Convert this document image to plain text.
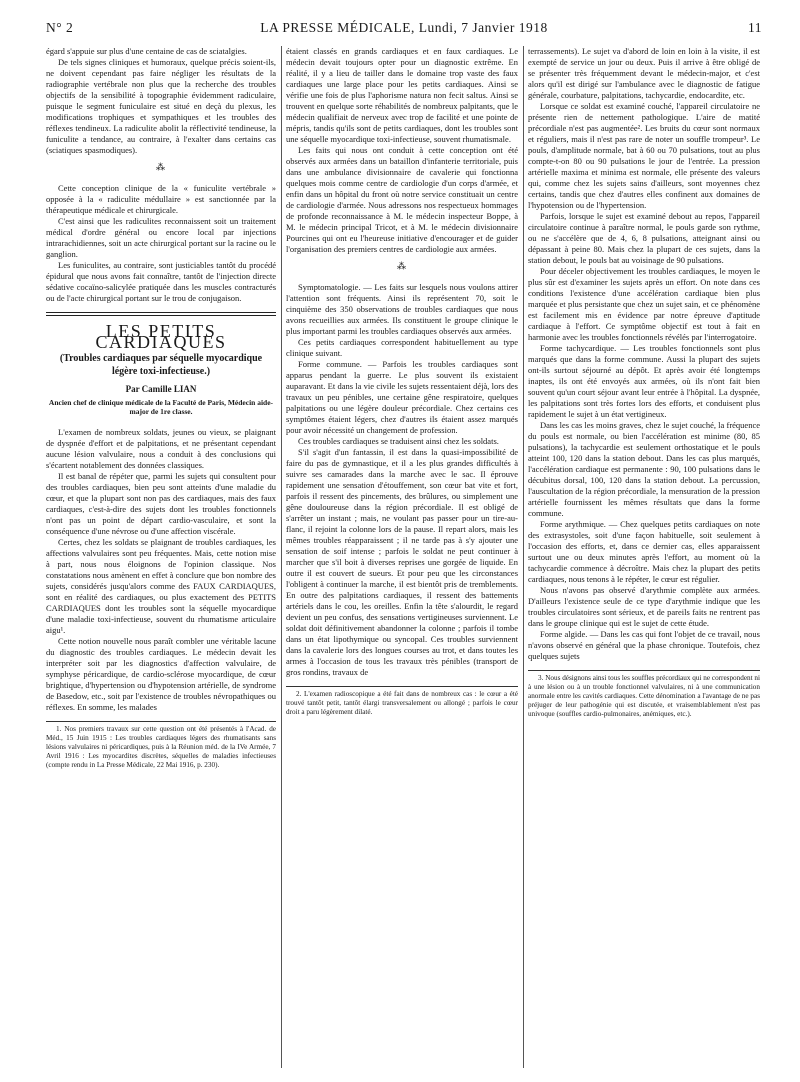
N° 2	LA PRESSE MÉDICALE, Lundi, 7 Janvier 1918	11

égard s'appuie sur plus d'une centaine de cas de sciatalgies.

De tels signes cliniques et humoraux, quelque précis soient-ils, ne doivent cependant pas faire négliger les résultats de la radiographie vertébrale non plus que la recherche des troubles objectifs de la sensibilité à topographie évidemment radiculaire, puisque le segment funiculaire est situé en deçà du plexus, les modifications trophiques et sympathiques et les troubles des réflexes tendineux. La radiculite abolit la réflectivité tendineuse, la funiculite a tendance, au contraire, à l'exalter dans certains cas (sciatiques spasmodiques).

⁂

Cette conception clinique de la « funiculite vertébrale » opposée à la « radiculite médullaire » est sanctionnée par la thérapeutique médicale et chirurgicale.

C'est ainsi que les radiculites reconnaissent soit un traitement médical d'ordre général ou encore local par injections intrarachidiennes, soit un acte chirurgical portant sur la racine ou le ganglion.

Les funiculites, au contraire, sont justiciables tantôt du procédé épidural que nous avons fait connaître, tantôt de l'injection directe sédative cocaïno-salicylée pratiquée dans les muscles contracturés ou de l'acte chirurgical portant sur le trou de conjugaison.

LES PETITS CARDIAQUES
(Troubles cardiaques par séquelle myocardique légère toxi-infectieuse.)
Par Camille LIAN
Ancien chef de clinique médicale de la Faculté de Paris, Médecin aide-major de 1re classe.

L'examen de nombreux soldats, jeunes ou vieux, se plaignant de dyspnée d'effort et de palpitations, et ne présentant cependant aucune lésion valvulaire, nous a conduit à des conclusions qui s'écartent notablement des données classiques.

Il est banal de répéter que, parmi les sujets qui consultent pour des troubles cardiaques, bien peu sont atteints d'une maladie du cœur, et que la plupart sont non pas des cardiaques, mais des faux cardiaques, c'est-à-dire des sujets dont les troubles fonctionnels n'ont pas un point de départ cardio-vasculaire, et sont la conséquence d'une névrose ou d'une affection viscérale.

Certes, chez les soldats se plaignant de troubles cardiaques, les affections valvulaires sont peu fréquentes. Mais, cette notion mise à part, nous nous éloignons de l'opinion classique. Nos constatations nous amènent en effet à conclure que bon nombre des sujets, considérés jusqu'alors comme des FAUX CARDIAQUES, sont en réalité des cardiaques, ou plus exactement des PETITS CARDIAQUES dont les troubles sont la séquelle myocardique d'une maladie toxi-infectieuse, souvent du rhumatisme articulaire aigu¹.

Cette notion nouvelle nous paraît combler une véritable lacune du diagnostic des troubles cardiaques. Le médecin devait les interpréter soit par les diagnostics d'affection valvulaire, de symphyse péricardique, de cardio-sclérose myocardique, de cœur brightique, d'hypertension ou d'hypotension artérielle, de syndrome de Basedow, etc., soit par l'existence de troubles névropathiques ou réflexes. En somme, les malades

1. Nos premiers travaux sur cette question ont été présentés à l'Acad. de Méd., 15 Juin 1915 : Les troubles cardiaques légers des rhumatisants sans lésions valvulaires ni péricardiques, puis à la Réunion méd. de la IVe Armée, 7 Avril 1916 : Les myocardites discrètes, séquelles de maladies infectieuses (compte rendu in La Presse Médicale, 22 Mai 1916, p. 230).

étaient classés en grands cardiaques et en faux cardiaques. Le médecin devait toujours opter pour un diagnostic extrême. En réalité, il y a lieu de tailler dans le domaine trop vaste des faux cardiaques une large place pour les petits cardiaques. Ainsi se vérifie une fois de plus l'aphorisme natura non fecit saltus. Ainsi se trouvent en quelque sorte réhabilités de nombreux palpitants, que le médecin qualifiait de nerveux avec trop de facilité et une pointe de mépris, tandis qu'ils sont de petits cardiaques, dont les troubles sont une séquelle myocardique toxi-infectieuse, souvent rhumatismale.

Les faits qui nous ont conduit à cette conception ont été observés aux armées dans un bataillon d'infanterie territoriale, puis dans une ambulance divisionnaire de cavalerie qui fonctionna quelques mois comme centre de cardiologie d'un corps d'armée, et enfin dans un hôpital du front où notre service constituait un centre de cardiologie d'armée. Nous adressons nos respectueux hommages de profonde reconnaissance à M. le médecin inspecteur Boppe, à M. le médecin principal Tricot, et à M. le médecin divisionnaire Pourcines qui ont eu l'heureuse initiative d'encourager et de guider l'organisation des premiers centres de cardiologie aux armées.

⁂

Symptomatologie. — Les faits sur lesquels nous voulons attirer l'attention sont fréquents. Ainsi ils représentent 70, soit le cinquième des 350 observations de troubles cardiaques que nous avons recueillies aux armées. Ils constituent le groupe clinique le plus important parmi les troubles cardiaques observés aux armées.

Ces petits cardiaques correspondent habituellement au type clinique suivant.

Forme commune. — Parfois les troubles cardiaques sont apparus pendant la guerre. Le plus souvent ils existaient auparavant. Et dans la vie civile les sujets ressentaient déjà, lors des travaux un peu pénibles, une certaine gêne respiratoire, quelques palpitations ou une légère douleur précordiale. Chez certains ces symptômes étaient légers, chez d'autres ils étaient assez marqués pour avoir nécessité un changement de profession.

Ces troubles cardiaques se traduisent ainsi chez les soldats.

S'il s'agit d'un fantassin, il est dans la quasi-impossibilité de faire du pas de gymnastique, et il a les plus grandes difficultés à suivre ses camarades dans la marche avec le sac. Il éprouve rapidement une sensation d'étouffement, son cœur bat vite et fort, parfois il ressent des pincements, des brûlures, ou simplement une gêne douloureuse dans la région précordiale. Il est obligé de s'arrêter un instant ; mais, ne voulant pas passer pour un tire-au-flanc, il rejoint la colonne lors de la pause. Il repart alors, mais les mêmes troubles réapparaissent ; il ne tarde pas à s'y ajouter une sensation de soif intense ; parfois le soldat ne peut continuer à marcher que s'il boit à diverses reprises une gorgée de liquide. En outre il est couvert de sueurs. Et pour peu que les circonstances l'obligent à continuer la marche, il est bientôt pris de tremblements. En outre des palpitations cardiaques, il ressent des battements artériels dans le cou, les oreilles. Enfin la tête s'alourdit, le regard devient un peu confus, des sensations vertigineuses surviennent. Le soldat doit définitivement abandonner la colonne ; parfois il tombe dans un état lipothymique ou syncopal. Ces troubles surviennent dans la cavalerie lors des longues courses au trot, et dans toutes les armes à l'occasion de tous les travaux très pénibles (transport de gros rondins, travaux de

2. L'examen radioscopique a été fait dans de nombreux cas : le cœur a été trouvé tantôt petit, tantôt élargi transversalement ou allongé ; parfois le cœur droit a paru légèrement dilaté.

terrassements). Le sujet va d'abord de loin en loin à la visite, il est exempté de service un jour ou deux. Puis il arrive à être obligé de se présenter très fréquemment devant le médecin-major, et c'est alors qu'il est dirigé sur l'ambulance avec le diagnostic de fatigue générale, courbature, palpitations, tachycardie, endocardite, etc.

Lorsque ce soldat est examiné couché, l'appareil circulatoire ne présente rien de nettement pathologique. L'aire de matité précordiale n'est pas augmentée². Les bruits du cœur sont normaux et réguliers, mais il n'est pas rare de noter un souffle trompeur³. Le pouls, d'amplitude normale, bat à 60 ou 70 pulsations, tout au plus compte-t-on 80 ou 90 pulsations le jour de l'entrée. La pression artérielle maxima et minima est normale, elle présente des valeurs qui, comme chez les sujets sains d'ailleurs, sont moyennes chez certains, tandis que chez d'autres elles confinent aux domaines de l'hypotension ou de l'hypertension.

Parfois, lorsque le sujet est examiné debout au repos, l'appareil circulatoire continue à paraître normal, le pouls garde son rythme, ou ne s'accélère que de 4, 6, 8 pulsations, atteignant ainsi ou dépassant à peine 80. Mais chez la plupart de ces sujets, dans la station debout, le pouls bat au voisinage de 90 pulsations.

Pour déceler objectivement les troubles cardiaques, le moyen le plus sûr est d'examiner les sujets après un effort. On note dans ces conditions l'existence d'une accélération cardiaque bien plus marquée et plus persistante que chez un sujet sain, et ce phénomène est facilement mis en évidence par notre épreuve d'aptitude cardiaque à l'effort. Ce symptôme objectif est tout à fait en harmonie avec les troubles fonctionnels révélés par l'interrogatoire.

Forme tachycardique. — Les troubles fonctionnels sont plus marqués que dans la forme commune. Aussi la plupart des sujets ont-ils surtout séjourné au dépôt. Et après avoir été longtemps inaptes, ils ont été envoyés aux armées, où ils n'ont fait bien souvent qu'un court séjour avant leur entrée à l'hôpital. La dyspnée, les palpitations sont très fortes lors des efforts, et conduisent plus rapidement le sujet à un état vertigineux.

Dans les cas les moins graves, chez le sujet couché, la fréquence du pouls est normale, ou bien l'accélération est minime (80, 85 pulsations), la tachycardie est seulement orthostatique et le pouls atteint 100, 120 dans la station debout. Dans les cas plus marqués, l'accélération cardiaque est permanente : 90, 100 pulsations dans le décubitus dorsal, 100, 120 dans la station debout. La percussion, l'auscultation de la région précordiale, la mensuration de la pression artérielle fournissent les mêmes résultats que dans la forme commune.

Forme arythmique. — Chez quelques petits cardiaques on note des extrasystoles, soit d'une façon habituelle, soit seulement à l'occasion des efforts, et, dans ce dernier cas, elles apparaissent surtout une ou deux minutes après l'effort, au moment où la tachycardie commence à décroître. Mais chez la plupart des petits cardiaques, nous tenons à le répéter, le cœur est régulier.

Nous n'avons pas observé d'arythmie complète aux armées. D'ailleurs l'existence seule de ce type d'arythmie indique que les troubles circulatoires sont sérieux, et de pareils faits ne rentrent pas dans le groupe clinique qui est le sujet de cette étude.

Forme algide. — Dans les cas qui font l'objet de ce travail, nous n'avons observé en général que la phase chronique. Toutefois, chez quelques sujets

3. Nous désignons ainsi tous les souffles précordiaux qui ne correspondent ni à une lésion ou à un trouble fonctionnel valvulaires, ni à une communication anormale entre les cavités cardiaques. Cette dénomination a l'avantage de ne pas préjuger de leur pathogénie qui est discutée, et vraisemblablement n'est pas univoque (souffles cardio-pulmonaires, anémiques, etc.).
